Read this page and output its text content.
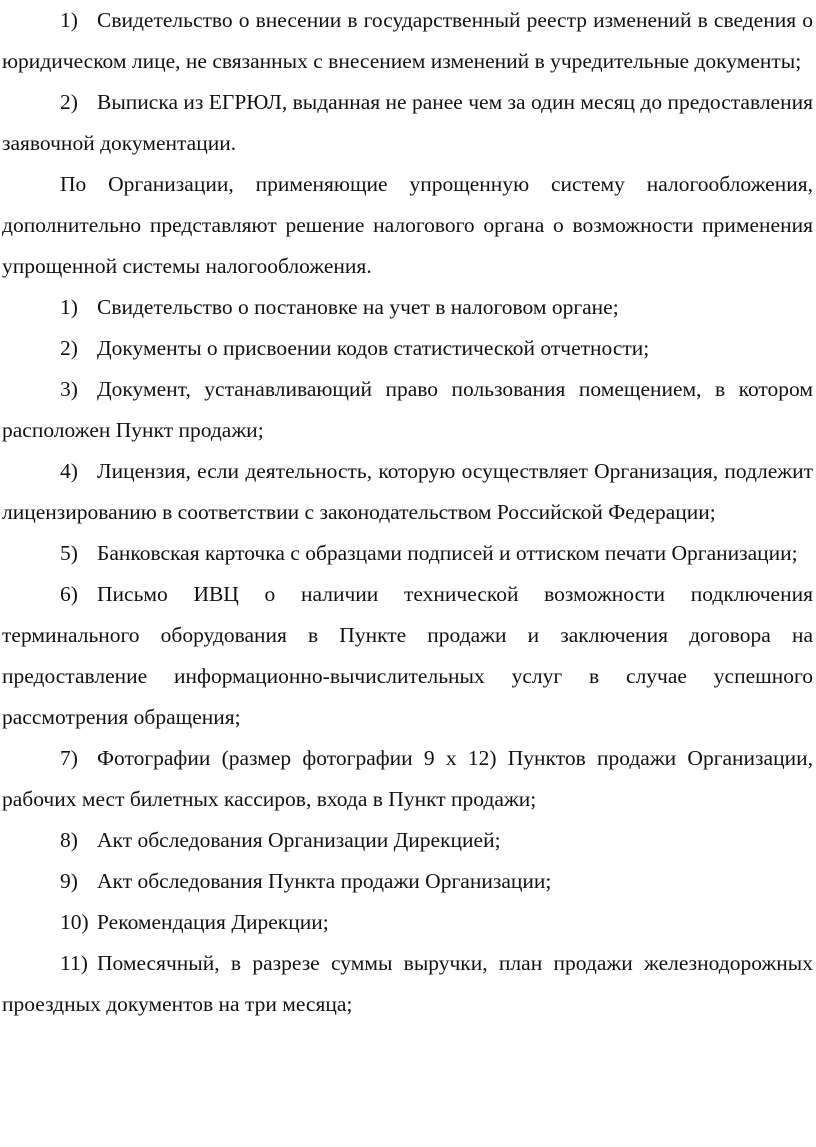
1) Свидетельство о внесении в государственный реестр изменений в сведения о юридическом лице, не связанных с внесением изменений в учредительные документы;

2) Выписка из ЕГРЮЛ, выданная не ранее чем за один месяц до предоставления заявочной документации.

По Организации, применяющие упрощенную систему налогообложения, дополнительно представляют решение налогового органа о возможности применения упрощенной системы налогообложения.

1) Свидетельство о постановке на учет в налоговом органе;

2) Документы о присвоении кодов статистической отчетности;

3) Документ, устанавливающий право пользования помещением, в котором расположен Пункт продажи;

4) Лицензия, если деятельность, которую осуществляет Организация, подлежит лицензированию в соответствии с законодательством Российской Федерации;

5) Банковская карточка с образцами подписей и оттиском печати Организации;

6) Письмо ИВЦ о наличии технической возможности подключения терминального оборудования в Пункте продажи и заключения договора на предоставление информационно-вычислительных услуг в случае успешного рассмотрения обращения;

7) Фотографии (размер фотографии 9 х 12) Пунктов продажи Организации, рабочих мест билетных кассиров, входа в Пункт продажи;

8) Акт обследования Организации Дирекцией;

9) Акт обследования Пункта продажи Организации;

10) Рекомендация Дирекции;

11) Помесячный, в разрезе суммы выручки, план продажи железнодорожных проездных документов на три месяца;
